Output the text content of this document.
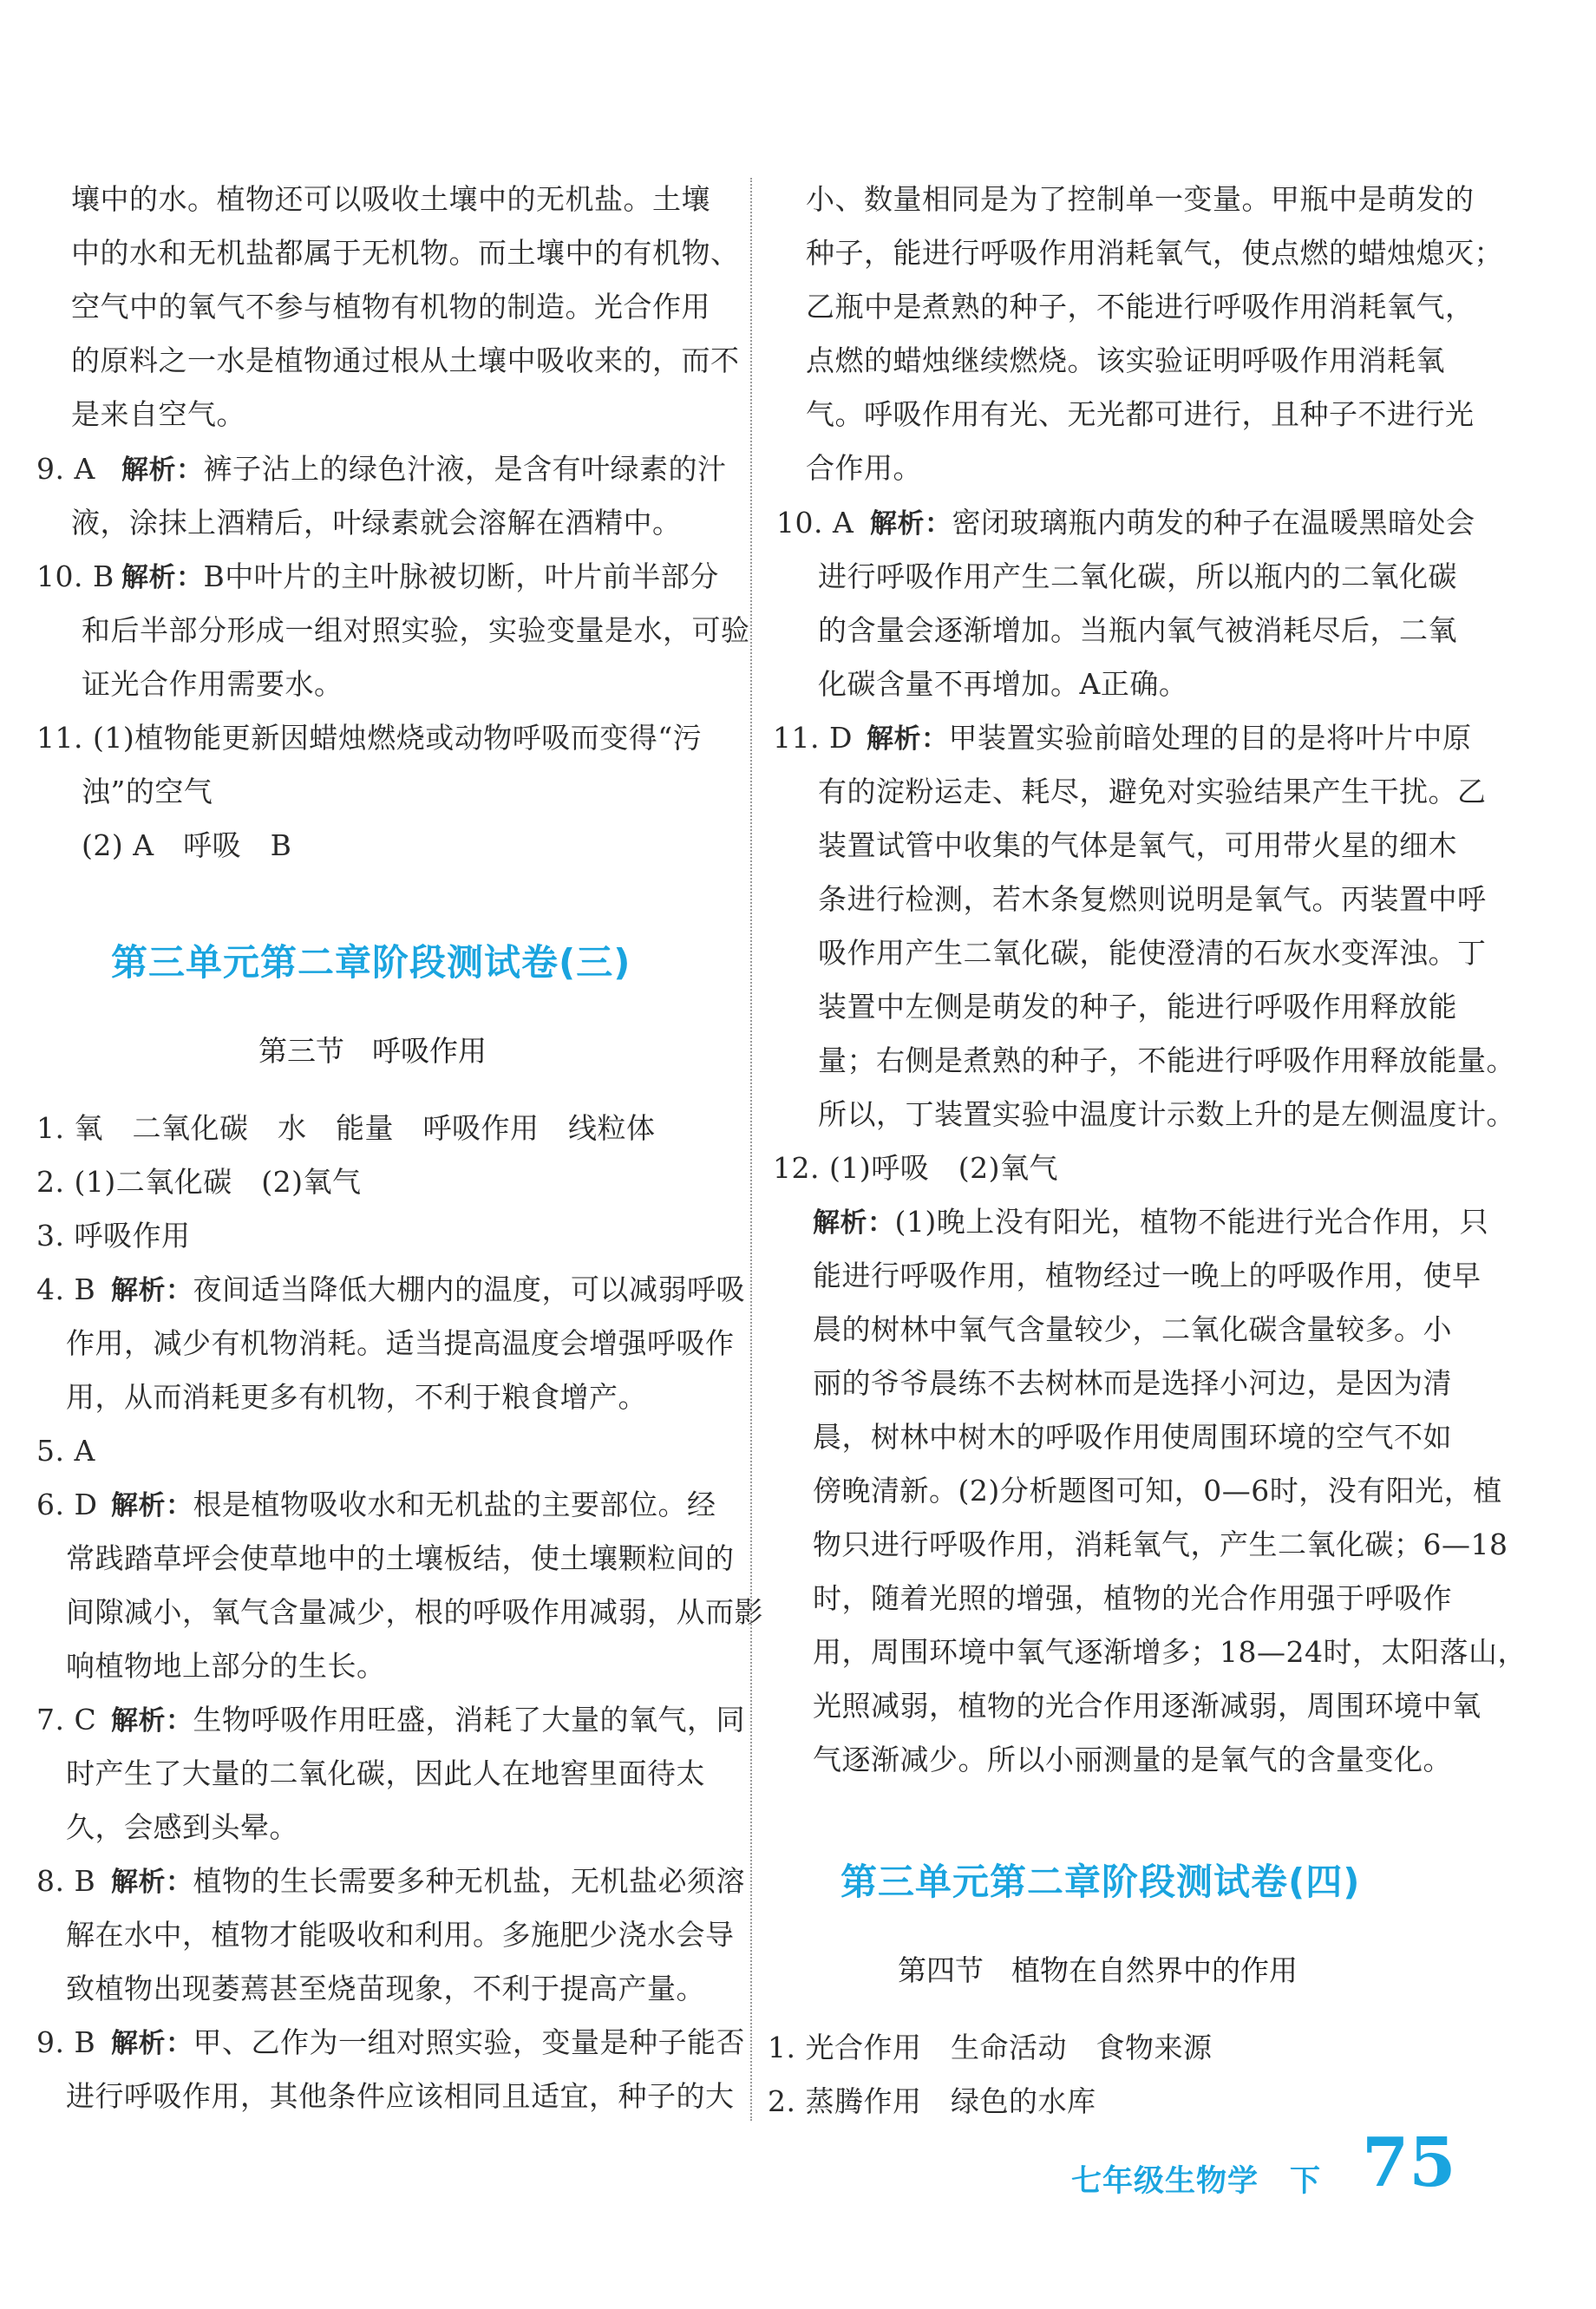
壤中的水。植物还可以吸收土壤中的无机盐。土壤
中的水和无机盐都属于无机物。而土壤中的有机物、
空气中的氧气不参与植物有机物的制造。光合作用
的原料之一水是植物通过根从土壤中吸收来的，而不
是来自空气。
9. A 解析：裤子沾上的绿色汁液，是含有叶绿素的汁
液，涂抹上酒精后，叶绿素就会溶解在酒精中。
10. B 解析：B中叶片的主叶脉被切断，叶片前半部分
和后半部分形成一组对照实验，实验变量是水，可验
证光合作用需要水。
11. (1)植物能更新因蜡烛燃烧或动物呼吸而变得“污
浊”的空气
(2) A　呼吸　B
第三单元第二章阶段测试卷(三)
第三节 呼吸作用
1. 氧　二氧化碳　水　能量　呼吸作用　线粒体
2. (1)二氧化碳　(2)氧气
3. 呼吸作用
4. B 解析：夜间适当降低大棚内的温度，可以减弱呼吸
作用，减少有机物消耗。适当提高温度会增强呼吸作
用，从而消耗更多有机物，不利于粮食增产。
5. A
6. D 解析：根是植物吸收水和无机盐的主要部位。经
常践踏草坪会使草地中的土壤板结，使土壤颗粒间的
间隙减小，氧气含量减少，根的呼吸作用减弱，从而影
响植物地上部分的生长。
7. C 解析：生物呼吸作用旺盛，消耗了大量的氧气，同
时产生了大量的二氧化碳，因此人在地窖里面待太
久，会感到头晕。
8. B 解析：植物的生长需要多种无机盐，无机盐必须溶
解在水中，植物才能吸收和利用。多施肥少浇水会导
致植物出现萎蔫甚至烧苗现象，不利于提高产量。
9. B 解析：甲、乙作为一组对照实验，变量是种子能否
进行呼吸作用，其他条件应该相同且适宜，种子的大
小、数量相同是为了控制单一变量。甲瓶中是萌发的
种子，能进行呼吸作用消耗氧气，使点燃的蜡烛熄灭；
乙瓶中是煮熟的种子，不能进行呼吸作用消耗氧气，
点燃的蜡烛继续燃烧。该实验证明呼吸作用消耗氧
气。呼吸作用有光、无光都可进行，且种子不进行光
合作用。
10. A 解析：密闭玻璃瓶内萌发的种子在温暖黑暗处会
进行呼吸作用产生二氧化碳，所以瓶内的二氧化碳
的含量会逐渐增加。当瓶内氧气被消耗尽后，二氧
化碳含量不再增加。A正确。
11. D 解析：甲装置实验前暗处理的目的是将叶片中原
有的淀粉运走、耗尽，避免对实验结果产生干扰。乙
装置试管中收集的气体是氧气，可用带火星的细木
条进行检测，若木条复燃则说明是氧气。丙装置中呼
吸作用产生二氧化碳，能使澄清的石灰水变浑浊。丁
装置中左侧是萌发的种子，能进行呼吸作用释放能
量；右侧是煮熟的种子，不能进行呼吸作用释放能量。
所以，丁装置实验中温度计示数上升的是左侧温度计。
12. (1)呼吸　(2)氧气
解析：(1)晚上没有阳光，植物不能进行光合作用，只
能进行呼吸作用，植物经过一晚上的呼吸作用，使早
晨的树林中氧气含量较少，二氧化碳含量较多。小
丽的爷爷晨练不去树林而是选择小河边，是因为清
晨，树林中树木的呼吸作用使周围环境的空气不如
傍晚清新。(2)分析题图可知，0—6时，没有阳光，植
物只进行呼吸作用，消耗氧气，产生二氧化碳；6—18
时，随着光照的增强，植物的光合作用强于呼吸作
用，周围环境中氧气逐渐增多；18—24时，太阳落山，
光照减弱，植物的光合作用逐渐减弱，周围环境中氧
气逐渐减少。所以小丽测量的是氧气的含量变化。
第三单元第二章阶段测试卷(四)
第四节 植物在自然界中的作用
1. 光合作用　生命活动　食物来源
2. 蒸腾作用　绿色的水库
七年级生物学　下 75
